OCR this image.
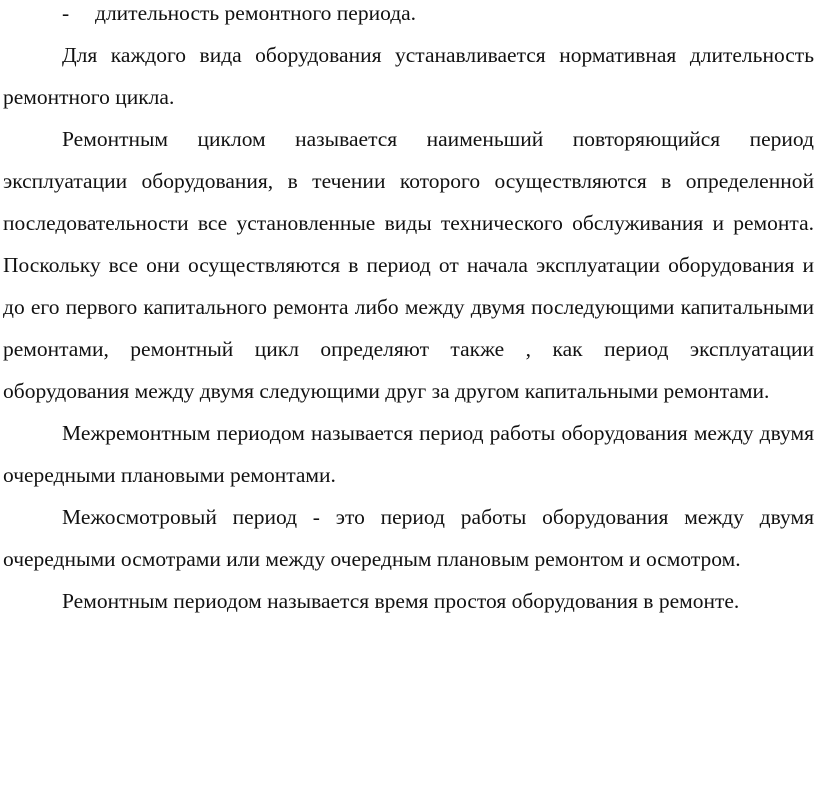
- длительность ремонтного периода.

Для каждого вида оборудования устанавливается нормативная длительность ремонтного цикла.

Ремонтным циклом называется наименьший повторяющийся период эксплуатации оборудования, в течении которого осуществляются в определенной последовательности все установленные виды технического обслуживания и ремонта. Поскольку все они осуществляются в период от начала эксплуатации оборудования и до его первого капитального ремонта либо между двумя последующими капитальными ремонтами, ремонтный цикл определяют также , как период эксплуатации оборудования между двумя следующими друг за другом капитальными ремонтами.

Межремонтным периодом называется период работы оборудования между двумя очередными плановыми ремонтами.

Межосмотровый период - это период работы оборудования между двумя очередными осмотрами или между очередным плановым ремонтом и осмотром.

Ремонтным периодом называется время простоя оборудования в ремонте.
